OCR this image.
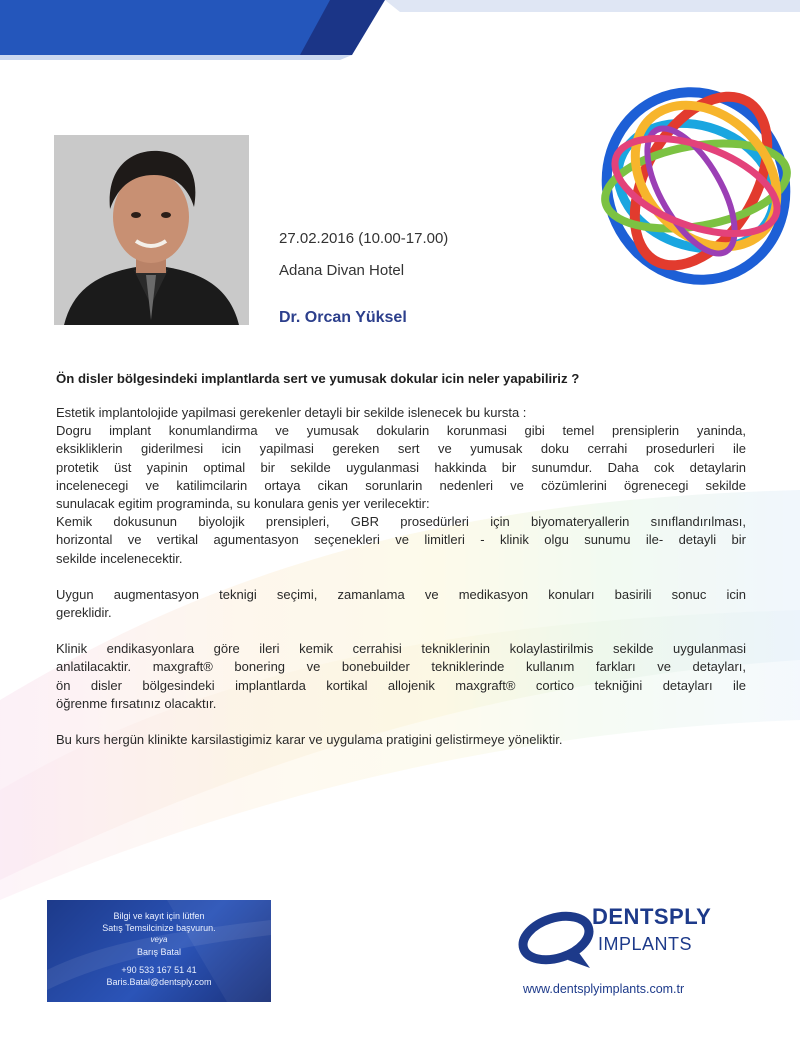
27.02.2016 (10.00-17.00)
Adana Divan Hotel
Dr. Orcan Yüksel
Ön disler bölgesindeki implantlarda sert ve yumusak dokular icin neler yapabiliriz ?

Estetik implantolojide yapilmasi gerekenler detayli bir sekilde islenecek bu kursta :
Dogru implant konumlandirma ve yumusak dokularin korunmasi gibi temel prensiplerin yaninda,
eksikliklerin giderilmesi icin yapilmasi gereken sert ve yumusak doku cerrahi prosedurleri ile
protetik üst yapinin optimal bir sekilde uygulanmasi hakkinda bir sunumdur. Daha cok detaylarin
incelenecegi ve katilimcilarin ortaya cikan sorunlarin nedenleri ve cözümlerini ögrenecegi sekilde
sunulacak egitim programinda, su konulara genis yer verilecektir:
Kemik dokusunun biyolojik prensipleri, GBR prosedürleri için biyomateryallerin sınıflandırılması,
horizontal ve vertikal agumentasyon seçenekleri ve limitleri - klinik olgu sunumu ile- detayli bir
sekilde incelenecektir.

Uygun augmentasyon teknigi seçimi, zamanlama ve medikasyon konuları basirili sonuc icin
gereklidir.

Klinik endikasyonlara göre ileri kemik cerrahisi tekniklerinin kolaylastirilmis sekilde uygulanmasi
anlatilacaktir. maxgraft® bonering ve bonebuilder tekniklerinde kullanım farkları ve detayları,
ön disler bölgesindeki implantlarda kortikal allojenik maxgraft® cortico tekniğini detayları ile
öğrenme fırsatınız olacaktır.

Bu kurs hergün klinikte karsilastigimiz karar ve uygulama pratigini gelistirmeye yöneliktir.

Bilgi ve kayıt için lütfen
Satış Temsilcinize başvurun.
veya
Barış Batal
+90 533 167 51 41
Baris.Batal@dentsply.com
DENTSPLY
IMPLANTS
www.dentsplyimplants.com.tr
